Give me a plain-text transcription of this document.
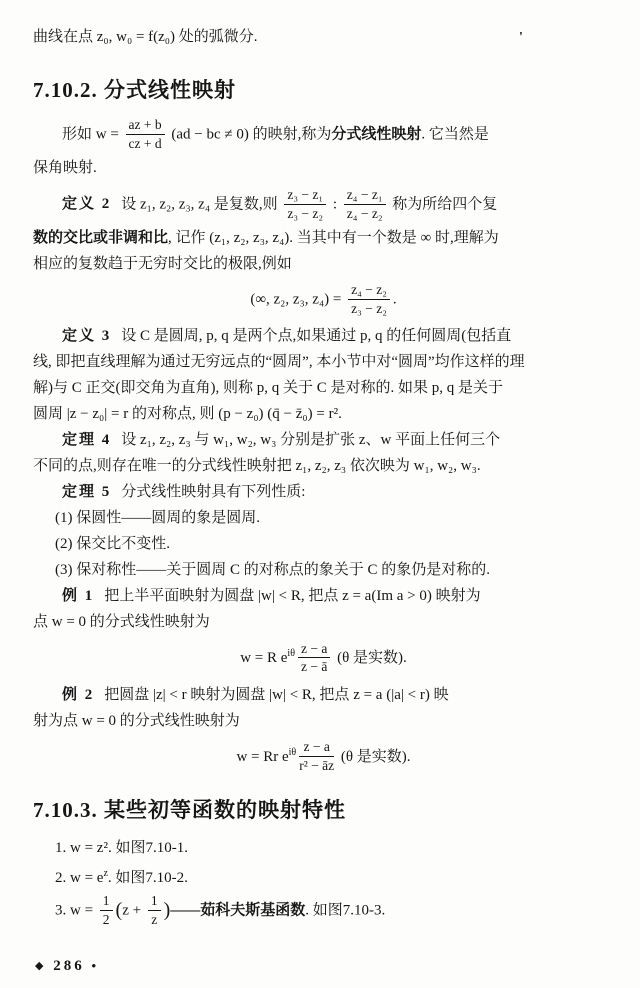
'
曲线在点 z₀, w₀ = f(z₀) 处的弧微分.
7.10.2. 分式线性映射
形如 $w = \frac{az + b}{cz + d} (ad$ − bc ≠ 0) 的映射,称为分式线性映射. 它当然是
保角映射.
定义 2 设 z₁, z₂, z₃, z₄ 是复数,则 $\frac{\text{z₃ − z₁}}{\text{z₃ − z₂}}$ : $\frac{\text{z₄ − z₁}}{\text{z₄ − z₂}}$ 称为所给四个复
数的交比或非调和比, 记作 (z₁, z₂, z₃, z₄). 当其中有一个数是 ∞ 时,理解为
相应的复数趋于无穷时交比的极限,例如
(∞, z₂, z₃, $z_4) = \frac{\text{z₄ − z₂}}{\text{z₃ − z₂}}$ .
定义 3 设 C 是圆周, p, q 是两个点,如果通过 p, q 的任何圆周(包括直
线, 即把直线理解为通过无穷远点的“圆周”, 本小节中对“圆周”均作这样的理
解)与 C 正交(即交角为直角), 则称 p, q 关于 C 是对称的. 如果 p, q 是关于
圆周 |z − z₀| = r 的对称点, 则 (p − z₀) (q̄ − z̄₀) = r².
定理 4 设 z₁, z₂, z₃ 与 w₁, w₂, w₃ 分别是扩张 z、w 平面上任何三个
不同的点,则存在唯一的分式线性映射把 z₁, z₂, z₃ 依次映为 w₁, w₂, w₃.
定理 5 分式线性映射具有下列性质:
(1) 保圆性——圆周的象是圆周.
(2) 保交比不变性.
(3) 保对称性——关于圆周 C 的对称点的象关于 C 的象仍是对称的.
例 1 把上半平面映射为圆盘 |w| < R, 把点 z = a(Im a > 0) 映射为
点 w = 0 的分式线性映射为
w = R $e^{i\theta} \frac{z - a}{z - ā} (\theta$ 是实数).
例 2 把圆盘 |z| < r 映射为圆盘 |w| < R, 把点 z = a (|a| < r) 映
射为点 w = 0 的分式线性映射为
w = Rr $e^{i\theta} \frac{z - a}{\text{r² − āz}} (\theta$ 是实数).
7.10.3. 某些初等函数的映射特性
1. w = z². 如图7.10-1.
2. $w = e^z$. 如图7.10-2.
3. $w = \frac{1}{2} (z + \frac{1}{z}$ )——茹科夫斯基函数. 如图7.10-3.
◆ 286 •
